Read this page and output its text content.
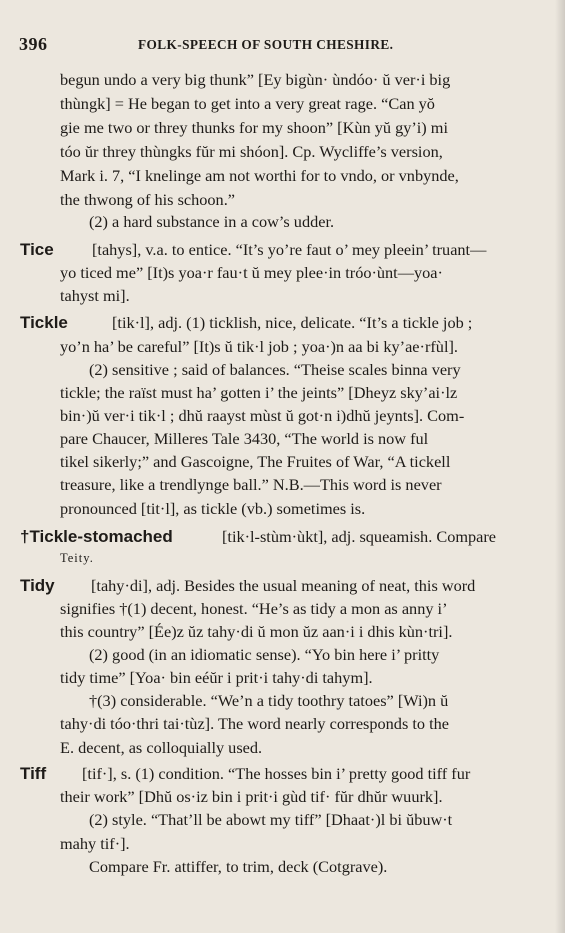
396	FOLK-SPEECH OF SOUTH CHESHIRE.
begun undo a very big thunk” [Ey bigùn· ùndóo· ŭ ver·i big
thùngk] = He began to get into a very great rage. “Can yŏ
gie me two or threy thunks for my shoon” [Kùn yŭ gy’i) mi
tóo ŭr threy thùngks fŭr mi shóon]. Cp. Wycliffe’s version,
Mark i. 7, “I knelinge am not worthi for to vndo, or vnbynde,
the thwong of his schoon.”
(2) a hard substance in a cow’s udder.
Tice [tahys], v.a. to entice. “It’s yo’re faut o’ mey pleein’ truant—
yo ticed me” [It)s yoa·r fau·t ŭ mey plee·in tróo·ùnt—yoa·
tahyst mi].
Tickle	[tik·l], adj. (1) ticklish, nice, delicate. “It’s a tickle job ;
yo’n ha’ be careful” [It)s ŭ tik·l job ; yoa·)n aa bi ky’ae·rfùl].
(2) sensitive ; said of balances. “Theise scales binna very
tickle; the raïst must ha’ gotten i’ the jeints” [Dheyz sky’ai·lz
bin·)ŭ ver·i tik·l ; dhŭ raayst mùst ŭ got·n i)dhŭ jeynts]. Com-
pare Chaucer, Milleres Tale 3430, “The world is now ful
tikel sikerly;” and Gascoigne, The Fruites of War, “A tickell
treasure, like a trendlynge ball.” N.B.—This word is never
pronounced [tit·l], as tickle (vb.) sometimes is.
†Tickle-stomached	[tik·l-stùm·ùkt], adj. squeamish. Compare
Teity.
Tidy [tahy·di], adj. Besides the usual meaning of neat, this word
signifies †(1) decent, honest. “He’s as tidy a mon as anny i’
this country” [Ée)z ŭz tahy·di ŭ mon ŭz aan·i i dhis kùn·tri].
(2) good (in an idiomatic sense). “Yo bin here i’ pritty
tidy time” [Yoa· bin eéŭr i prit·i tahy·di tahym].
†(3) considerable. “We’n a tidy toothry tatoes” [Wi)n ŭ
tahy·di tóo·thri tai·tùz]. The word nearly corresponds to the
E. decent, as colloquially used.
Tiff [tif·], s. (1) condition. “The hosses bin i’ pretty good tiff fur
their work” [Dhŭ os·iz bin i prit·i gùd tif· fŭr dhŭr wuurk].
(2) style. “That’ll be abowt my tiff” [Dhaat·)l bi ŭbuw·t
mahy tif·].
Compare Fr. attiffer, to trim, deck (Cotgrave).
